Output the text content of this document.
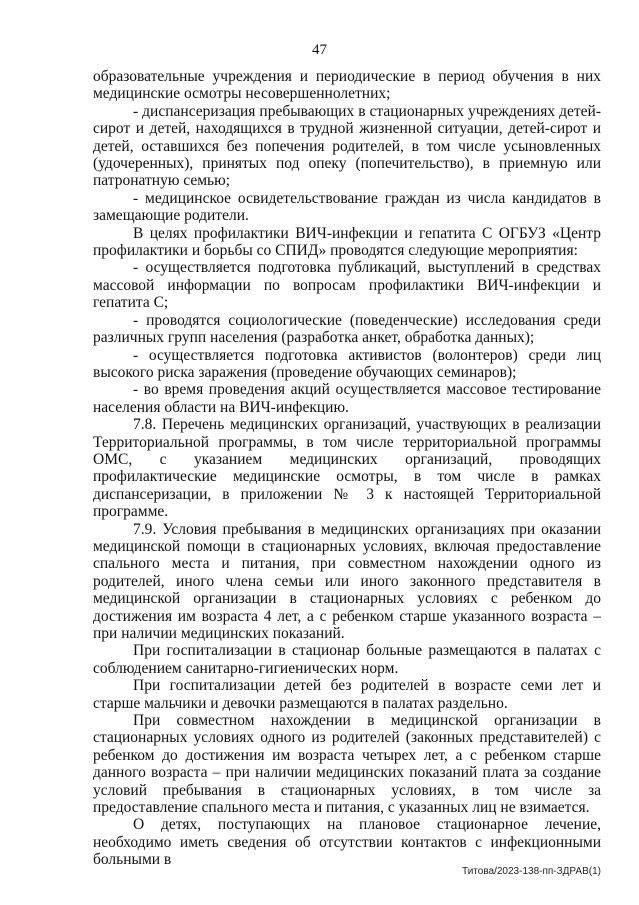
47

образовательные учреждения и периодические в период обучения в них медицинские осмотры несовершеннолетних;

- диспансеризация пребывающих в стационарных учреждениях детей-сирот и детей, находящихся в трудной жизненной ситуации, детей-сирот и детей, оставшихся без попечения родителей, в том числе усыновленных (удочеренных), принятых под опеку (попечительство), в приемную или патронатную семью;

- медицинское освидетельствование граждан из числа кандидатов в замещающие родители.

В целях профилактики ВИЧ-инфекции и гепатита С ОГБУЗ «Центр профилактики и борьбы со СПИД» проводятся следующие мероприятия:

- осуществляется подготовка публикаций, выступлений в средствах массовой информации по вопросам профилактики ВИЧ-инфекции и гепатита С;

- проводятся социологические (поведенческие) исследования среди различных групп населения (разработка анкет, обработка данных);

- осуществляется подготовка активистов (волонтеров) среди лиц высокого риска заражения (проведение обучающих семинаров);

- во время проведения акций осуществляется массовое тестирование населения области на ВИЧ-инфекцию.

7.8. Перечень медицинских организаций, участвующих в реализации Территориальной программы, в том числе территориальной программы ОМС, с указанием медицинских организаций, проводящих профилактические медицинские осмотры, в том числе в рамках диспансеризации, в приложении № 3 к настоящей Территориальной программе.

7.9. Условия пребывания в медицинских организациях при оказании медицинской помощи в стационарных условиях, включая предоставление спального места и питания, при совместном нахождении одного из родителей, иного члена семьи или иного законного представителя в медицинской организации в стационарных условиях с ребенком до достижения им возраста 4 лет, а с ребенком старше указанного возраста – при наличии медицинских показаний.

При госпитализации в стационар больные размещаются в палатах с соблюдением санитарно-гигиенических норм.

При госпитализации детей без родителей в возрасте семи лет и старше мальчики и девочки размещаются в палатах раздельно.

При совместном нахождении в медицинской организации в стационарных условиях одного из родителей (законных представителей) с ребенком до достижения им возраста четырех лет, а с ребенком старше данного возраста – при наличии медицинских показаний плата за создание условий пребывания в стационарных условиях, в том числе за предоставление спального места и питания, с указанных лиц не взимается.

О детях, поступающих на плановое стационарное лечение, необходимо иметь сведения об отсутствии контактов с инфекционными больными в

Титова/2023-138-пп-ЗДРАВ(1)
